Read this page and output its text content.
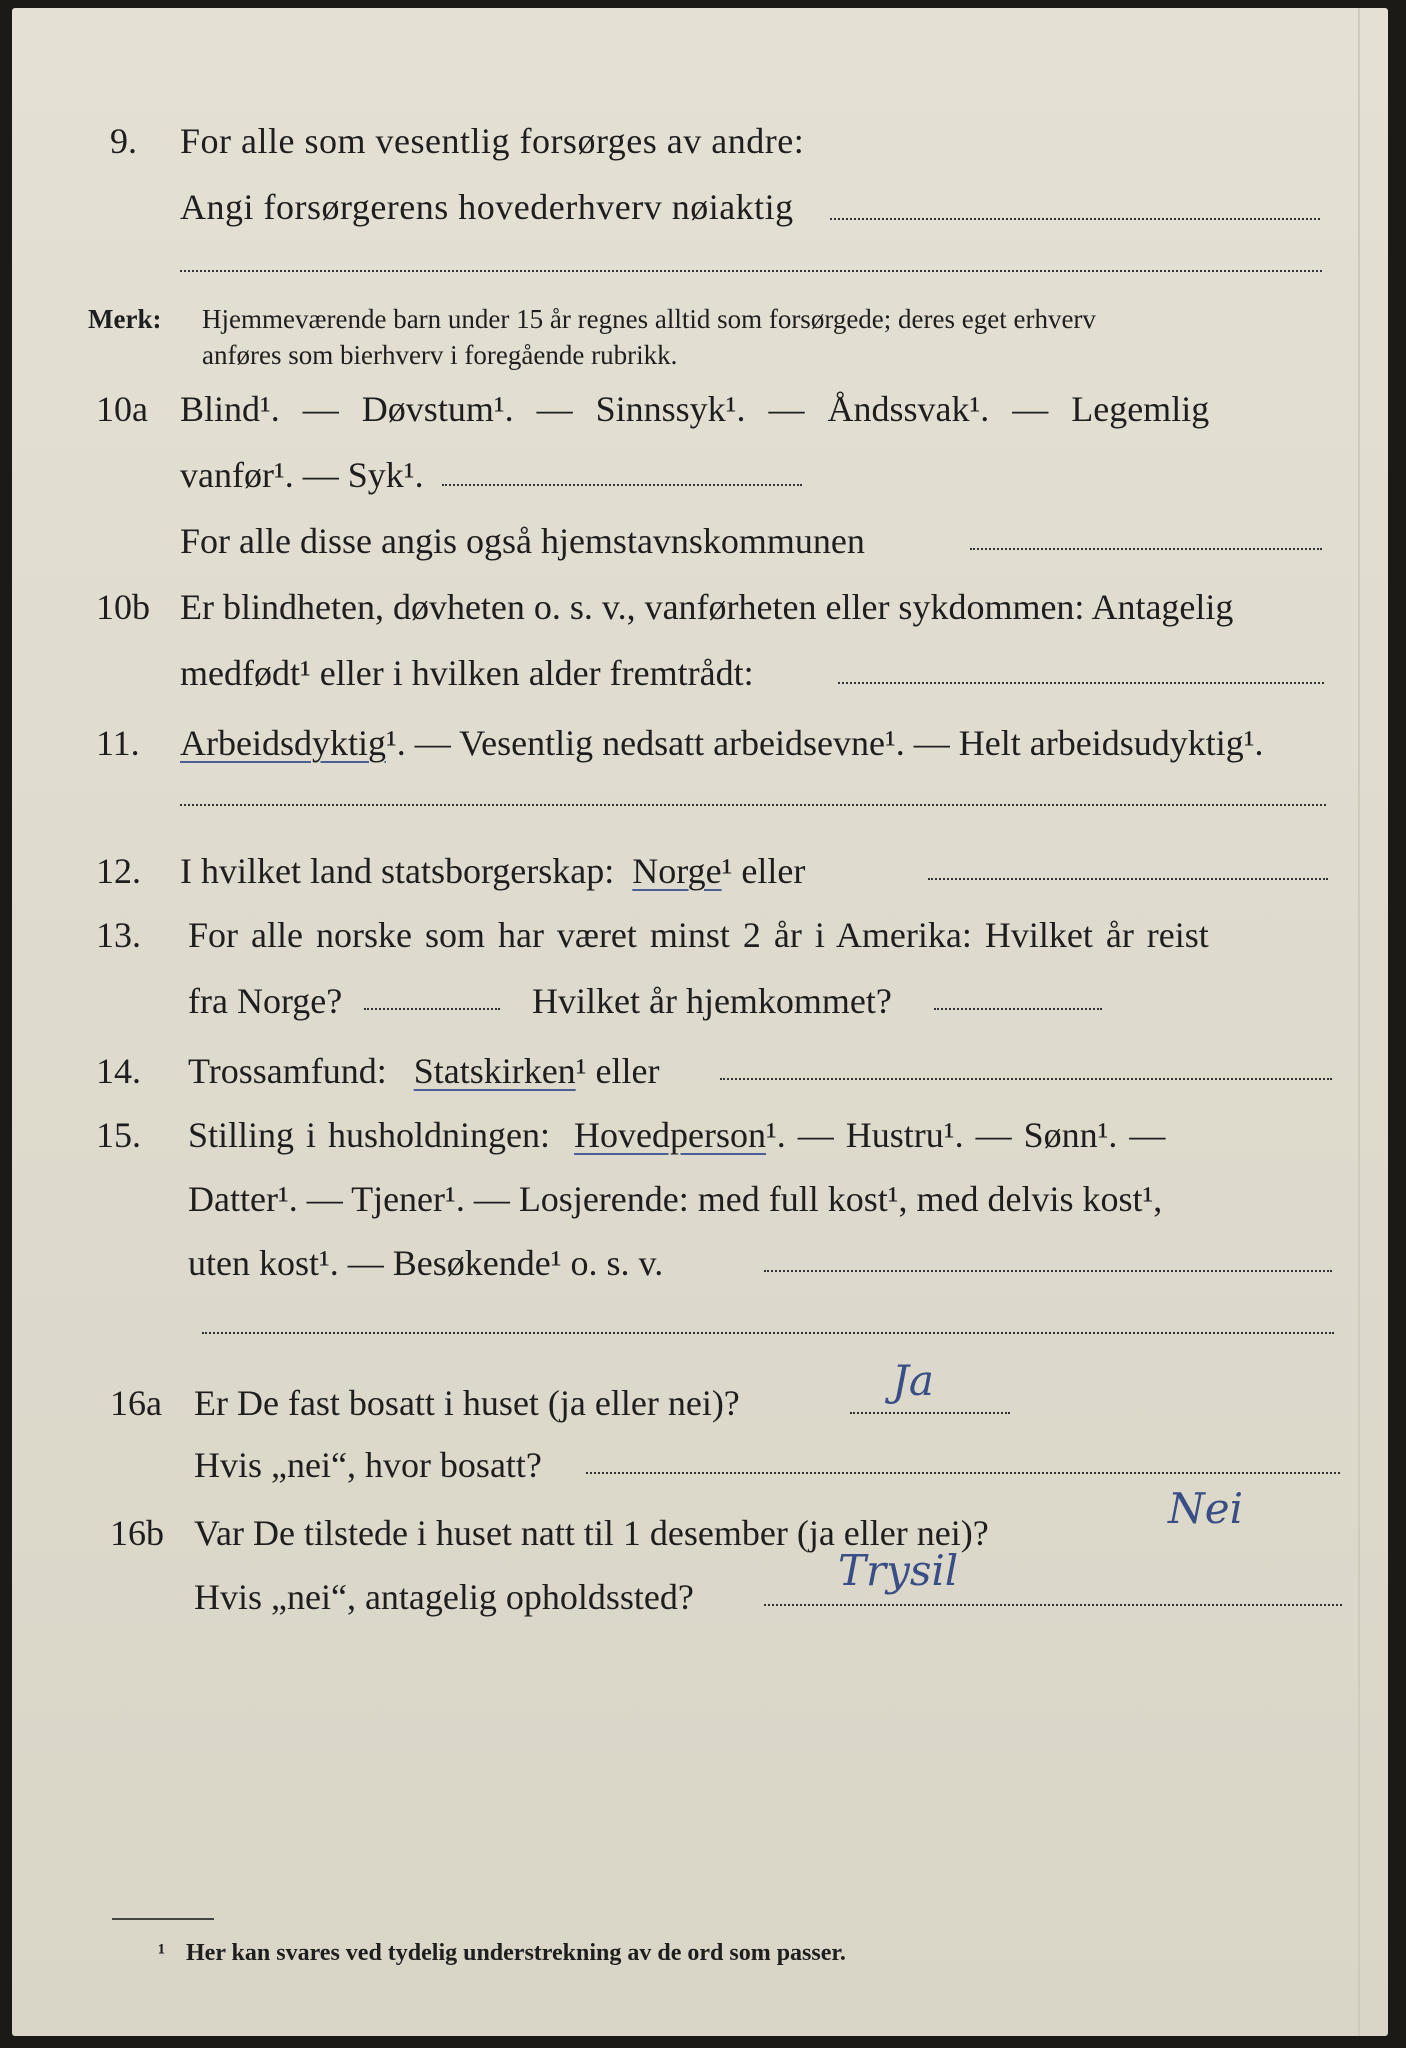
9. For alle som vesentlig forsørges av andre:
Angi forsørgerens hovederhverv nøiaktig
Merk: Hjemmeværende barn under 15 år regnes alltid som forsørgede; deres eget erhverv
anføres som bierhverv i foregående rubrikk.
10a Blind¹. — Døvstum¹. — Sinnssyk¹. — Åndssvak¹. — Legemlig
vanfør¹. — Syk¹.
For alle disse angis også hjemstavnskommunen
10b Er blindheten, døvheten o. s. v., vanførheten eller sykdommen: Antagelig
medfødt¹ eller i hvilken alder fremtrådt:
11. Arbeidsdyktig¹. — Vesentlig nedsatt arbeidsevne¹. — Helt arbeidsudyktig¹.
12. I hvilket land statsborgerskap: Norge¹ eller
13. For alle norske som har været minst 2 år i Amerika: Hvilket år reist
fra Norge?	Hvilket år hjemkommet?
14. Trossamfund: Statskirken¹ eller
15. Stilling i husholdningen: Hovedperson¹. — Hustru¹. — Sønn¹. —
Datter¹. — Tjener¹. — Losjerende: med full kost¹, med delvis kost¹,
uten kost¹. — Besøkende¹ o. s. v.
16a Er De fast bosatt i huset (ja eller nei)?	Ja
Hvis „nei“, hvor bosatt?
16b Var De tilstede i huset natt til 1 desember (ja eller nei)?	Nei
Hvis „nei“, antagelig opholdssted?
Trysil
¹ Her kan svares ved tydelig understrekning av de ord som passer.
